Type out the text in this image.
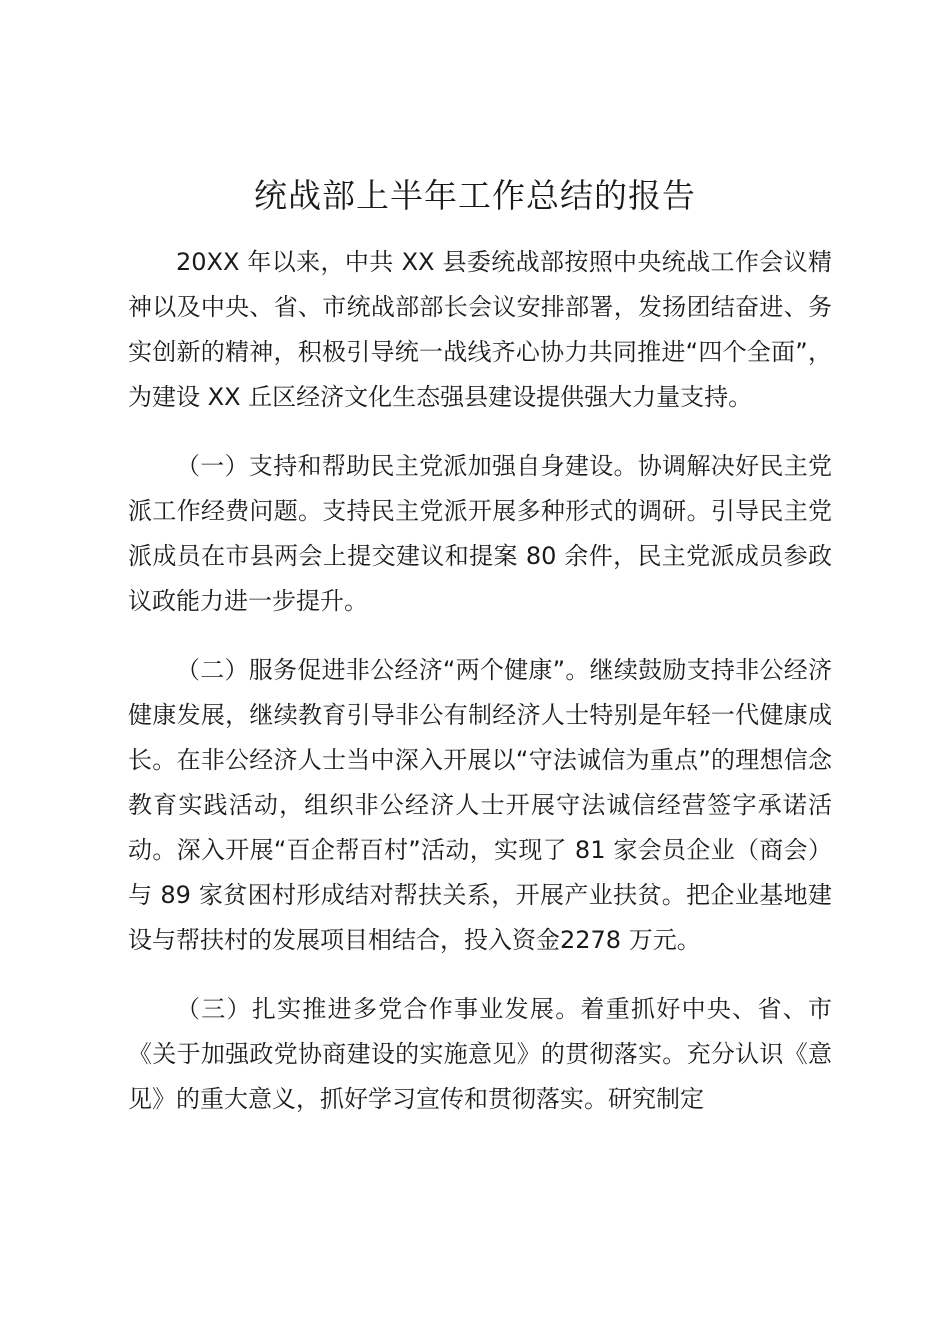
统战部上半年工作总结的报告

20XX 年以来，中共 XX 县委统战部按照中央统战工作会议精神以及中央、省、市统战部部长会议安排部署，发扬团结奋进、务实创新的精神，积极引导统一战线齐心协力共同推进“四个全面”，为建设 XX 丘区经济文化生态强县建设提供强大力量支持。

（一）支持和帮助民主党派加强自身建设。协调解决好民主党派工作经费问题。支持民主党派开展多种形式的调研。引导民主党派成员在市县两会上提交建议和提案 80 余件，民主党派成员参政议政能力进一步提升。

（二）服务促进非公经济“两个健康”。继续鼓励支持非公经济健康发展，继续教育引导非公有制经济人士特别是年轻一代健康成长。在非公经济人士当中深入开展以“守法诚信为重点”的理想信念教育实践活动，组织非公经济人士开展守法诚信经营签字承诺活动。深入开展“百企帮百村”活动，实现了 81 家会员企业（商会）与 89 家贫困村形成结对帮扶关系，开展产业扶贫。把企业基地建设与帮扶村的发展项目相结合，投入资金2278 万元。

（三）扎实推进多党合作事业发展。着重抓好中央、省、市《关于加强政党协商建设的实施意见》的贯彻落实。充分认识《意见》的重大意义，抓好学习宣传和贯彻落实。研究制定
